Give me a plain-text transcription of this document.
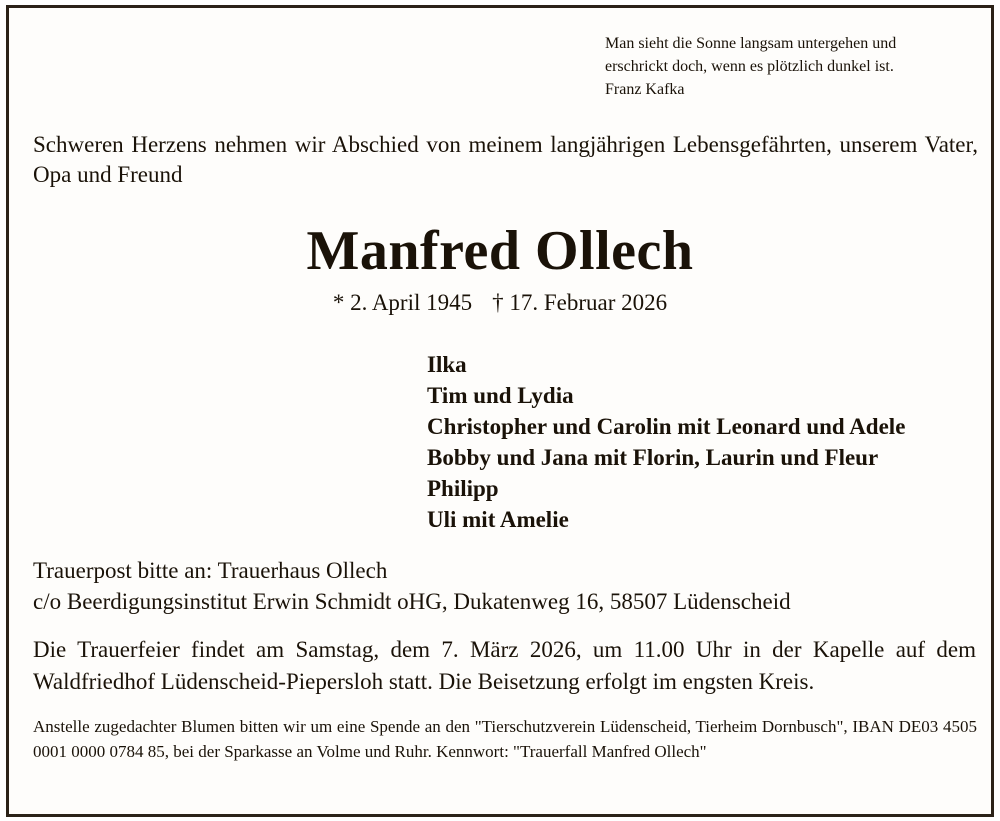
Man sieht die Sonne langsam untergehen und
erschrickt doch, wenn es plötzlich dunkel ist.
Franz Kafka
Schweren Herzens nehmen wir Abschied von meinem langjährigen Lebensgefährten, unserem Vater, Opa und Freund
Manfred Ollech
* 2. April 1945 † 17. Februar 2026
Ilka
Tim und Lydia
Christopher und Carolin mit Leonard und Adele
Bobby und Jana mit Florin, Laurin und Fleur
Philipp
Uli mit Amelie
Trauerpost bitte an: Trauerhaus Ollech
c/o Beerdigungsinstitut Erwin Schmidt oHG, Dukatenweg 16, 58507 Lüdenscheid
Die Trauerfeier findet am Samstag, dem 7. März 2026, um 11.00 Uhr in der Kapelle auf dem Waldfriedhof Lüdenscheid-Piepersloh statt. Die Beisetzung erfolgt im engsten Kreis.
Anstelle zugedachter Blumen bitten wir um eine Spende an den "Tierschutzverein Lüdenscheid, Tierheim Dornbusch", IBAN DE03 4505 0001 0000 0784 85, bei der Sparkasse an Volme und Ruhr. Kennwort: "Trauerfall Manfred Ollech"
